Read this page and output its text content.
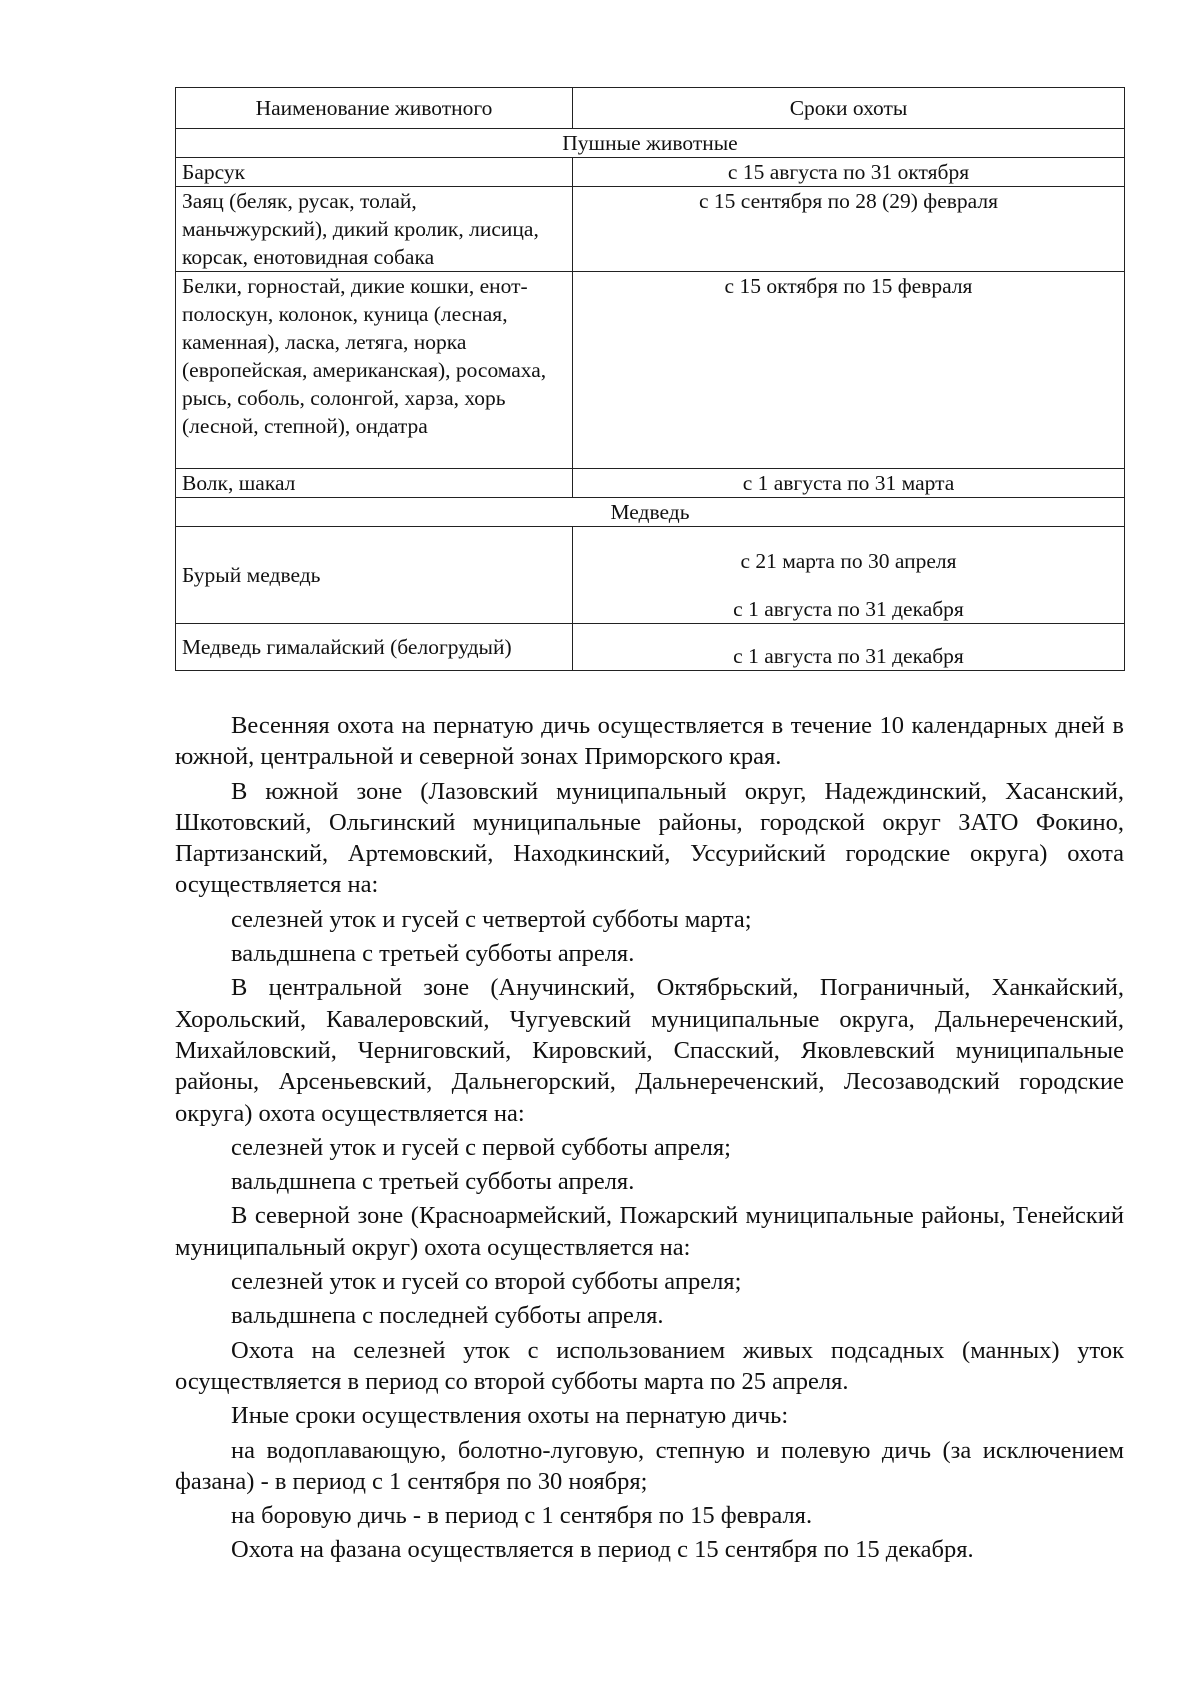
Наименование животного	Сроки охоты
Пушные животные	
Барсук	с 15 августа по 31 октября

Заяц (беляк, русак, толай, маньчжурский), дикий кролик, лисица, корсак, енотовидная собака	с 15 сентября по 28 (29) февраля

Белки, горностай, дикие кошки, енот-полоскун, колонок, куница (лесная, каменная), ласка, летяга, норка (европейская, американская), росомаха, рысь, соболь, солонгой, харза, хорь (лесной, степной), ондатра	с 15 октября по 15 февраля

Волк, шакал	с 1 августа по 31 марта

Медведь	
Бурый медведь	с 21 марта по 30 апреля
с 1 августа по 31 декабря

Медведь гималайский (белогрудый)	с 1 августа по 31 декабря

Весенняя охота на пернатую дичь осуществляется в течение 10 календарных дней в южной, центральной и северной зонах Приморского края.

В южной зоне (Лазовский муниципальный округ, Надеждинский, Хасанский, Шкотовский, Ольгинский муниципальные районы, городской округ ЗАТО Фокино, Партизанский, Артемовский, Находкинский, Уссурийский городские округа) охота осуществляется на:

селезней уток и гусей с четвертой субботы марта;

вальдшнепа с третьей субботы апреля.

В центральной зоне (Анучинский, Октябрьский, Пограничный, Ханкайский, Хорольский, Кавалеровский, Чугуевский муниципальные округа, Дальнереченский, Михайловский, Черниговский, Кировский, Спасский, Яковлевский муниципальные районы, Арсеньевский, Дальнегорский, Дальнереченский, Лесозаводский городские округа) охота осуществляется на:

селезней уток и гусей с первой субботы апреля;

вальдшнепа с третьей субботы апреля.

В северной зоне (Красноармейский, Пожарский муниципальные районы, Тенейский муниципальный округ) охота осуществляется на:

селезней уток и гусей со второй субботы апреля;

вальдшнепа с последней субботы апреля.

Охота на селезней уток с использованием живых подсадных (манных) уток осуществляется в период со второй субботы марта по 25 апреля.

Иные сроки осуществления охоты на пернатую дичь:

на водоплавающую, болотно-луговую, степную и полевую дичь (за исключением фазана) - в период с 1 сентября по 30 ноября;

на боровую дичь - в период с 1 сентября по 15 февраля.

Охота на фазана осуществляется в период с 15 сентября по 15 декабря.
